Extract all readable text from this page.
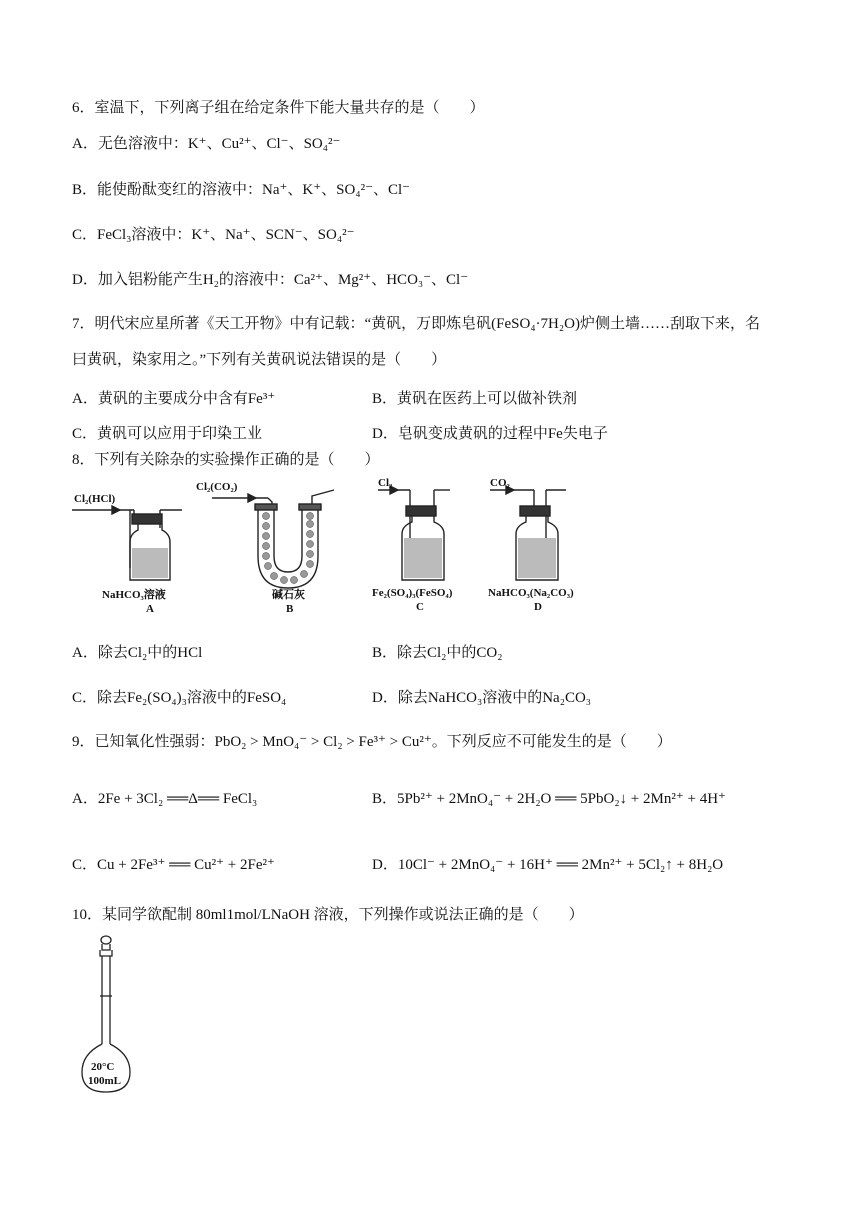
6．室温下，下列离子组在给定条件下能大量共存的是（　　）
A．无色溶液中：K⁺、Cu²⁺、Cl⁻、SO₄²⁻
B．能使酚酞变红的溶液中：Na⁺、K⁺、SO₄²⁻、Cl⁻
C．FeCl₃溶液中：K⁺、Na⁺、SCN⁻、SO₄²⁻
D．加入铝粉能产生H₂的溶液中：Ca²⁺、Mg²⁺、HCO₃⁻、Cl⁻
7．明代宋应星所著《天工开物》中有记载：“黄矾，万即炼皂矾(FeSO₄·7H₂O)炉侧土墙……刮取下来，名
曰黄矾，染家用之。”下列有关黄矾说法错误的是（　　）
A．黄矾的主要成分中含有Fe³⁺	B．黄矾在医药上可以做补铁剂
C．黄矾可以应用于印染工业	D．皂矾变成黄矾的过程中Fe失电子
8．下列有关除杂的实验操作正确的是（　　）
Cl₂(HCl)
NaHCO₃溶液
A
Cl₂(CO₂)
碱石灰
B
Cl₂
Fe₂(SO₄)₃(FeSO₄)
C
CO₂
NaHCO₃(Na₂CO₃)
D
A．除去Cl₂中的HCl	B．除去Cl₂中的CO₂
C．除去Fe₂(SO₄)₃溶液中的FeSO₄	D．除去NaHCO₃溶液中的Na₂CO₃
9．已知氧化性强弱：PbO₂ > MnO₄⁻ > Cl₂ > Fe³⁺ > Cu²⁺。下列反应不可能发生的是（　　）
A．2Fe + 3Cl₂ ══Δ══ FeCl₃	B．5Pb²⁺ + 2MnO₄⁻ + 2H₂O ══ 5PbO₂↓ + 2Mn²⁺ + 4H⁺
C．Cu + 2Fe³⁺ ══ Cu²⁺ + 2Fe²⁺	D．10Cl⁻ + 2MnO₄⁻ + 16H⁺ ══ 2Mn²⁺ + 5Cl₂↑ + 8H₂O
10．某同学欲配制 80ml1mol/LNaOH 溶液，下列操作或说法正确的是（　　）
20°C
100mL
